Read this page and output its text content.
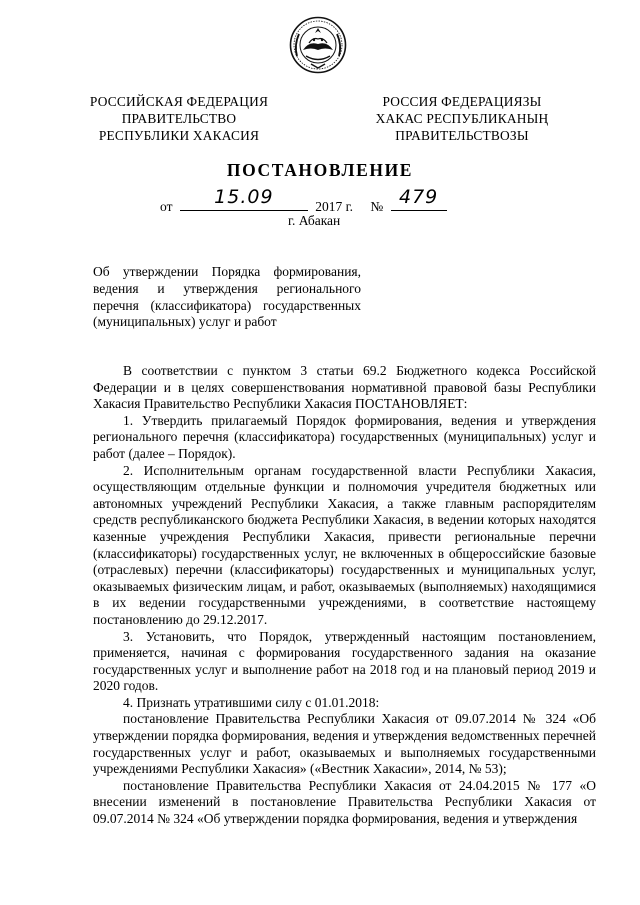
РОССИЙСКАЯ ФЕДЕРАЦИЯ
ПРАВИТЕЛЬСТВО
РЕСПУБЛИКИ ХАКАСИЯ
РОССИЯ ФЕДЕРАЦИЯЗЫ
ХАКАС РЕСПУБЛИКАНЫҢ
ПРАВИТЕЛЬСТВОЗЫ
ПОСТАНОВЛЕНИЕ
от	15.09	2017 г. № 479
г. Абакан
Об утверждении Порядка формирования, ведения и утверждения регионального перечня (классификатора) государственных (муниципальных) услуг и работ

В соответствии с пунктом 3 статьи 69.2 Бюджетного кодекса Российской Федерации и в целях совершенствования нормативной правовой базы Республики Хакасия Правительство Республики Хакасия ПОСТАНОВЛЯЕТ:

1. Утвердить прилагаемый Порядок формирования, ведения и утверждения регионального перечня (классификатора) государственных (муниципальных) услуг и работ (далее – Порядок).

2. Исполнительным органам государственной власти Республики Хакасия, осуществляющим отдельные функции и полномочия учредителя бюджетных или автономных учреждений Республики Хакасия, а также главным распорядителям средств республиканского бюджета Республики Хакасия, в ведении которых находятся казенные учреждения Республики Хакасия, привести региональные перечни (классификаторы) государственных услуг, не включенных в общероссийские базовые (отраслевых) перечни (классификаторы) государственных и муниципальных услуг, оказываемых физическим лицам, и работ, оказываемых (выполняемых) находящимися в их ведении государственными учреждениями, в соответствие настоящему постановлению до 29.12.2017.

3. Установить, что Порядок, утвержденный настоящим постановлением, применяется, начиная с формирования государственного задания на оказание государственных услуг и выполнение работ на 2018 год и на плановый период 2019 и 2020 годов.

4. Признать утратившими силу с 01.01.2018:

постановление Правительства Республики Хакасия от 09.07.2014 № 324 «Об утверждении порядка формирования, ведения и утверждения ведомственных перечней государственных услуг и работ, оказываемых и выполняемых государственными учреждениями Республики Хакасия» («Вестник Хакасии», 2014, № 53);

постановление Правительства Республики Хакасия от 24.04.2015 № 177 «О внесении изменений в постановление Правительства Республики Хакасия от 09.07.2014 № 324 «Об утверждении порядка формирования, ведения и утверждения
